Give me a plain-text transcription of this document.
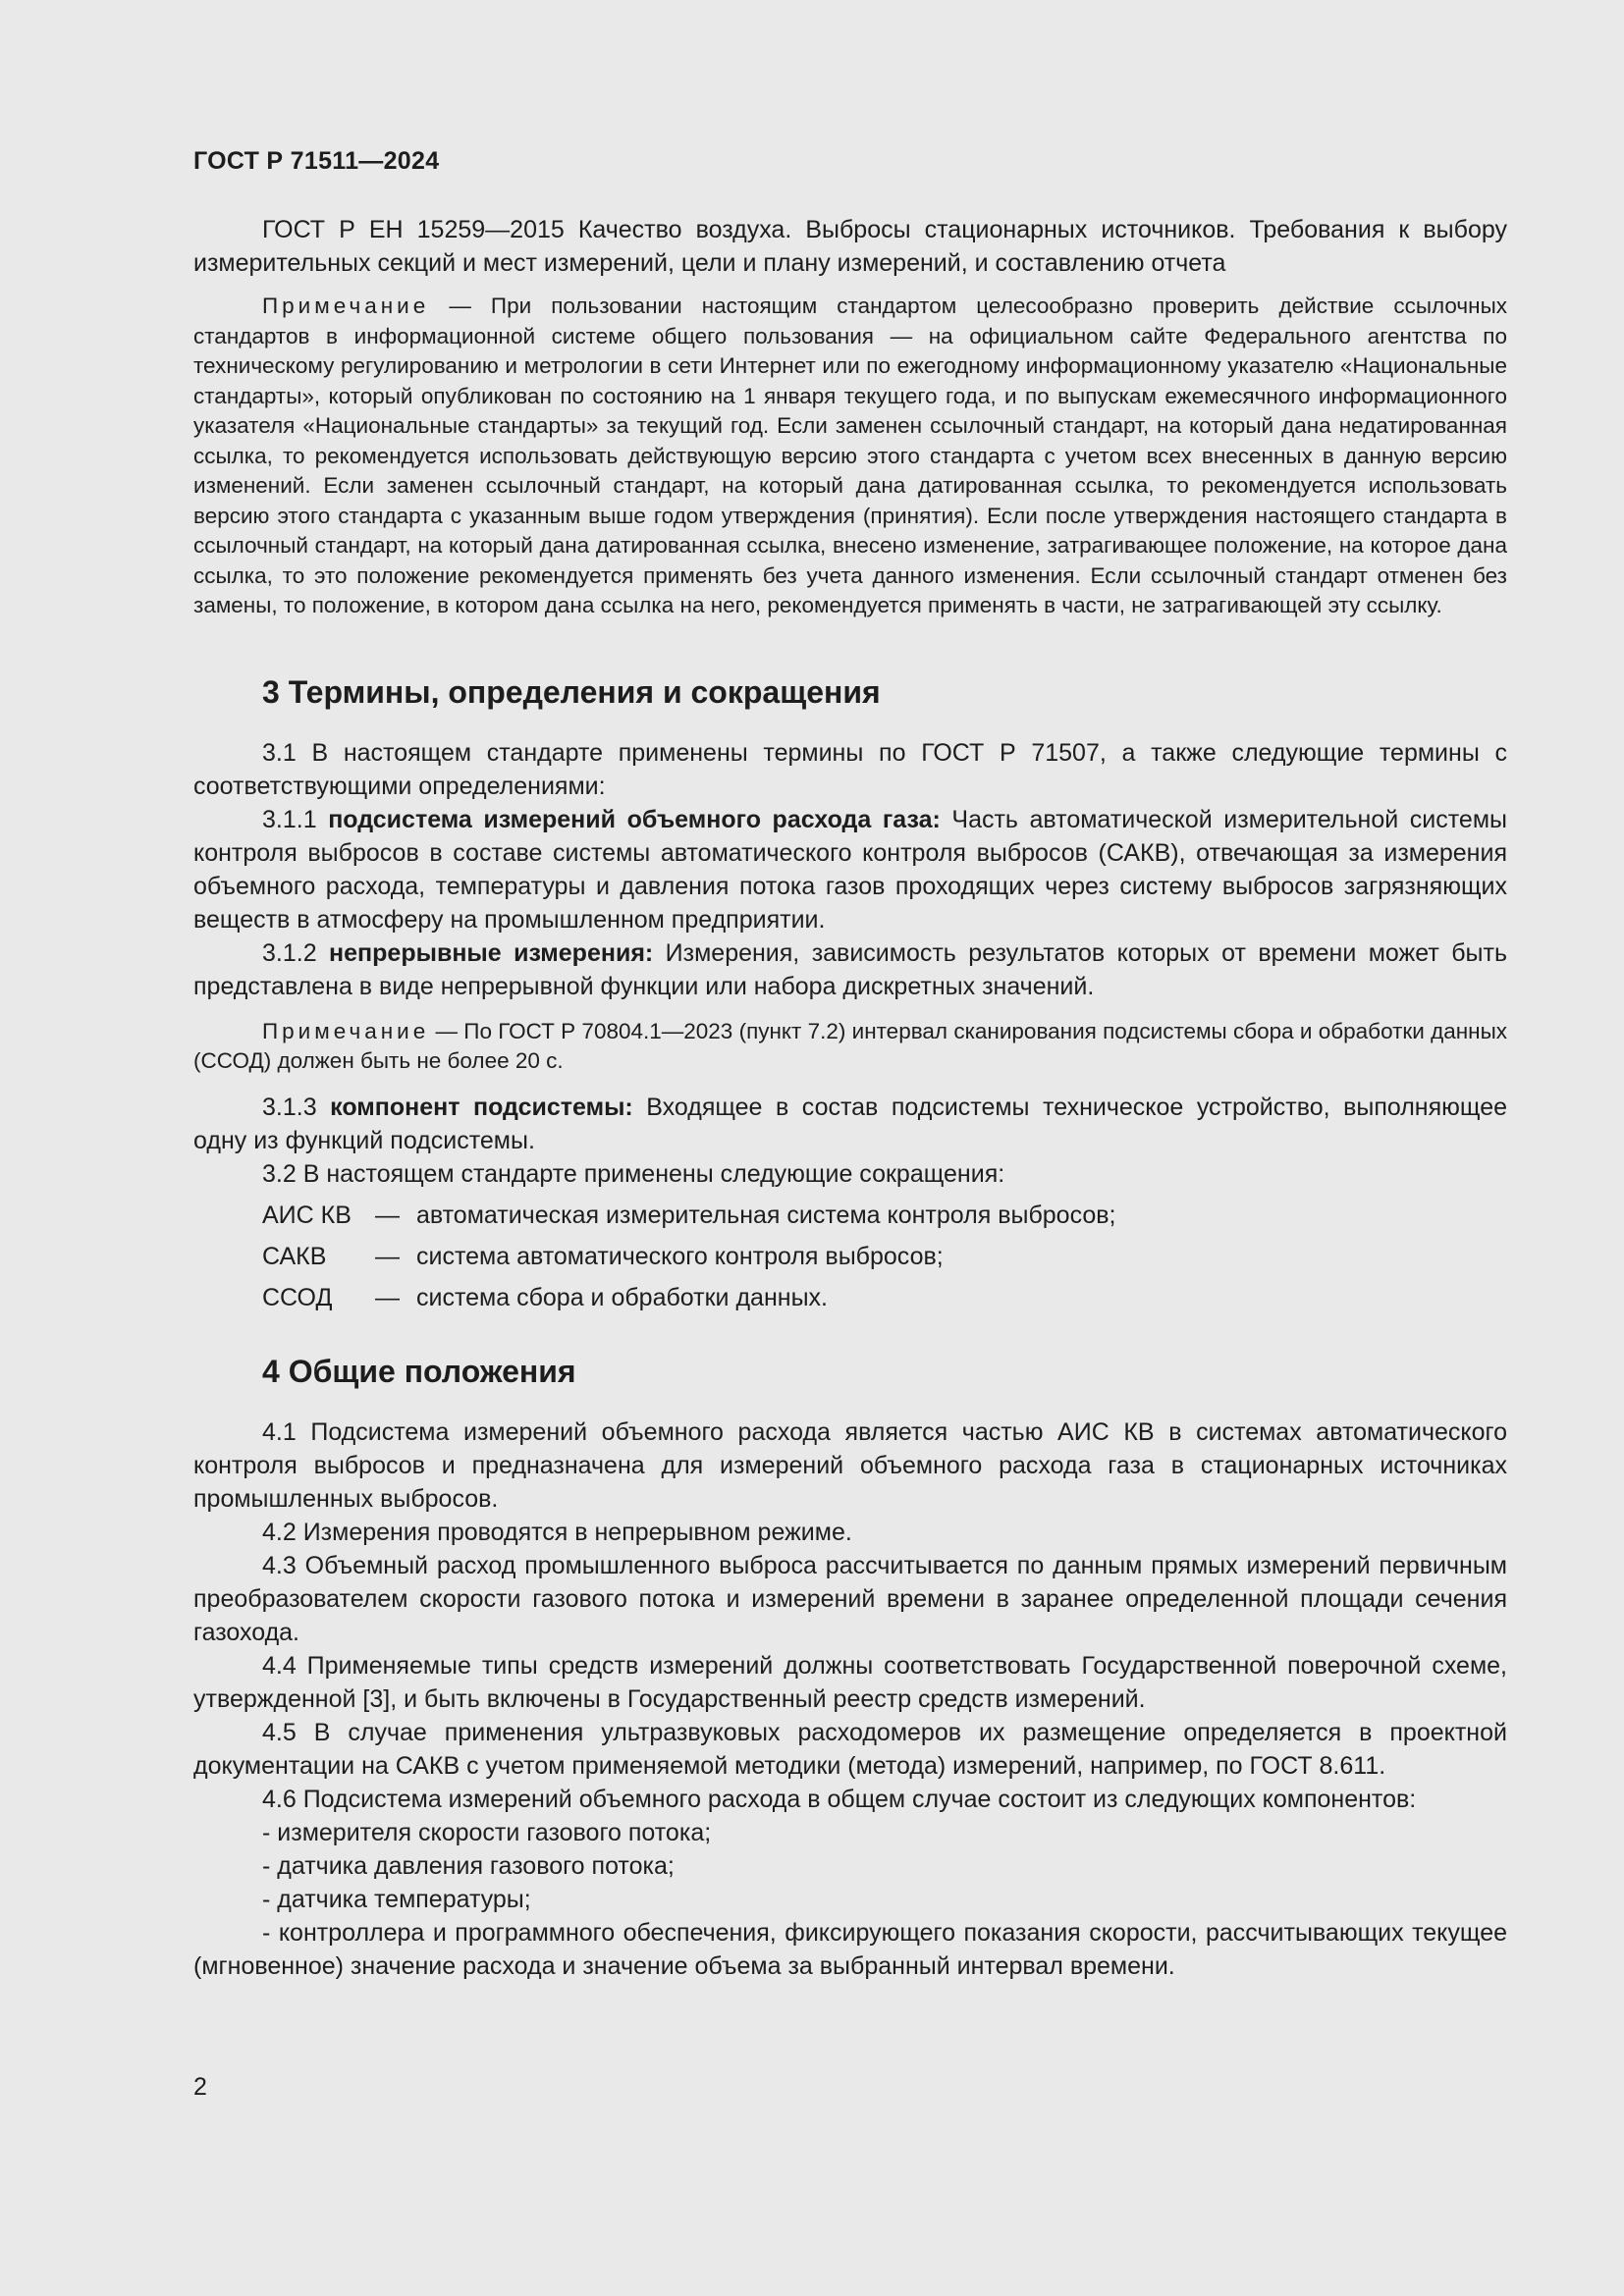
ГОСТ Р 71511—2024

ГОСТ Р ЕН 15259—2015 Качество воздуха. Выбросы стационарных источников. Требования к выбору измерительных секций и мест измерений, цели и плану измерений, и составлению отчета

Примечание — При пользовании настоящим стандартом целесообразно проверить действие ссылочных стандартов в информационной системе общего пользования — на официальном сайте Федерального агентства по техническому регулированию и метрологии в сети Интернет или по ежегодному информационному указателю «Национальные стандарты», который опубликован по состоянию на 1 января текущего года, и по выпускам ежемесячного информационного указателя «Национальные стандарты» за текущий год. Если заменен ссылочный стандарт, на который дана недатированная ссылка, то рекомендуется использовать действующую версию этого стандарта с учетом всех внесенных в данную версию изменений. Если заменен ссылочный стандарт, на который дана датированная ссылка, то рекомендуется использовать версию этого стандарта с указанным выше годом утверждения (принятия). Если после утверждения настоящего стандарта в ссылочный стандарт, на который дана датированная ссылка, внесено изменение, затрагивающее положение, на которое дана ссылка, то это положение рекомендуется применять без учета данного изменения. Если ссылочный стандарт отменен без замены, то положение, в котором дана ссылка на него, рекомендуется применять в части, не затрагивающей эту ссылку.

3 Термины, определения и сокращения

3.1 В настоящем стандарте применены термины по ГОСТ Р 71507, а также следующие термины с соответствующими определениями:

3.1.1 подсистема измерений объемного расхода газа: Часть автоматической измерительной системы контроля выбросов в составе системы автоматического контроля выбросов (САКВ), отвечающая за измерения объемного расхода, температуры и давления потока газов проходящих через систему выбросов загрязняющих веществ в атмосферу на промышленном предприятии.

3.1.2 непрерывные измерения: Измерения, зависимость результатов которых от времени может быть представлена в виде непрерывной функции или набора дискретных значений.

Примечание — По ГОСТ Р 70804.1—2023 (пункт 7.2) интервал сканирования подсистемы сбора и обработки данных (ССОД) должен быть не более 20 с.

3.1.3 компонент подсистемы: Входящее в состав подсистемы техническое устройство, выполняющее одну из функций подсистемы.

3.2 В настоящем стандарте применены следующие сокращения:

АИС КВ — автоматическая измерительная система контроля выбросов;
САКВ	— система автоматического контроля выбросов;
ССОД	— система сбора и обработки данных.
4 Общие положения

4.1 Подсистема измерений объемного расхода является частью АИС КВ в системах автоматического контроля выбросов и предназначена для измерений объемного расхода газа в стационарных источниках промышленных выбросов.

4.2 Измерения проводятся в непрерывном режиме.

4.3 Объемный расход промышленного выброса рассчитывается по данным прямых измерений первичным преобразователем скорости газового потока и измерений времени в заранее определенной площади сечения газохода.

4.4 Применяемые типы средств измерений должны соответствовать Государственной поверочной схеме, утвержденной [3], и быть включены в Государственный реестр средств измерений.

4.5 В случае применения ультразвуковых расходомеров их размещение определяется в проектной документации на САКВ с учетом применяемой методики (метода) измерений, например, по ГОСТ 8.611.

4.6 Подсистема измерений объемного расхода в общем случае состоит из следующих компонентов:

- измерителя скорости газового потока;

- датчика давления газового потока;

- датчика температуры;

- контроллера и программного обеспечения, фиксирующего показания скорости, рассчитывающих текущее (мгновенное) значение расхода и значение объема за выбранный интервал времени.

2
